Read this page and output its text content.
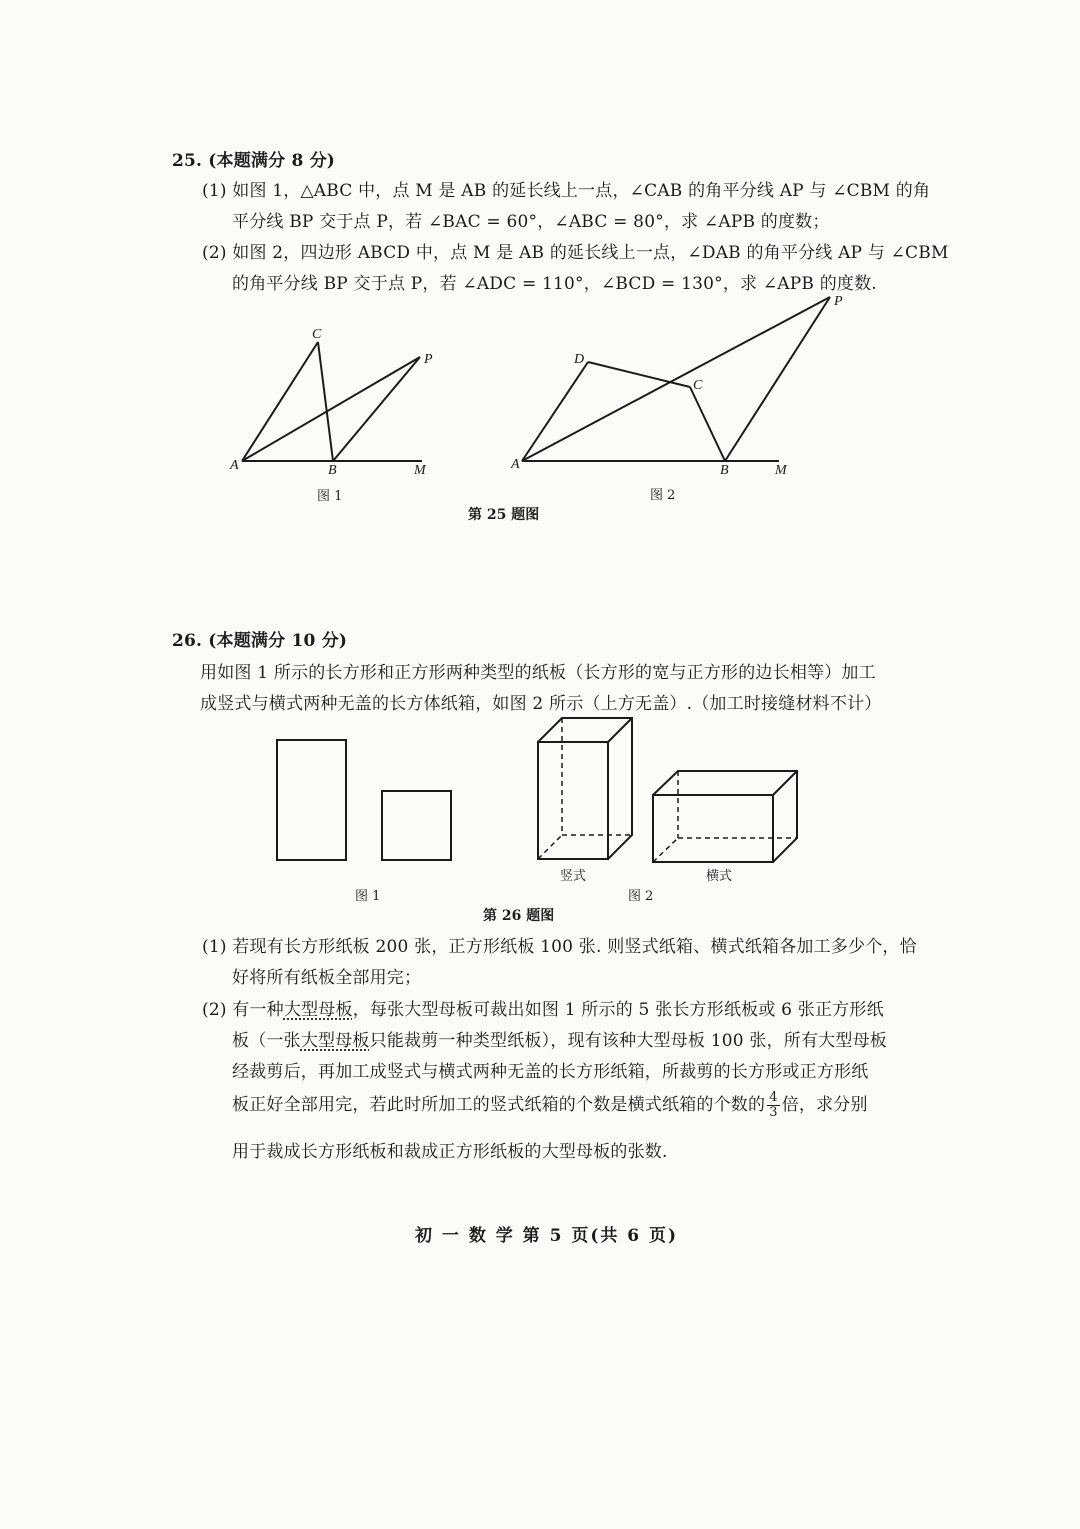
25. (本题满分 8 分)
(1) 如图 1，△ABC 中，点 M 是 AB 的延长线上一点，∠CAB 的角平分线 AP 与 ∠CBM 的角
平分线 BP 交于点 P，若 ∠BAC = 60°，∠ABC = 80°，求 ∠APB 的度数；
(2) 如图 2，四边形 ABCD 中，点 M 是 AB 的延长线上一点，∠DAB 的角平分线 AP 与 ∠CBM
的角平分线 BP 交于点 P，若 ∠ADC = 110°，∠BCD = 130°，求 ∠APB 的度数.
C
P
A	B	M
P
D
C
A	B	M
图 1	图 2
第 25 题图
26. (本题满分 10 分)
用如图 1 所示的长方形和正方形两种类型的纸板（长方形的宽与正方形的边长相等）加工
成竖式与横式两种无盖的长方体纸箱，如图 2 所示（上方无盖）.（加工时接缝材料不计）
竖式	横式
图 1	图 2
第 26 题图
(1) 若现有长方形纸板 200 张，正方形纸板 100 张. 则竖式纸箱、横式纸箱各加工多少个，恰
好将所有纸板全部用完；
(2) 有一种大型母板，每张大型母板可裁出如图 1 所示的 5 张长方形纸板或 6 张正方形纸
板（一张大型母板只能裁剪一种类型纸板），现有该种大型母板 100 张，所有大型母板
经裁剪后，再加工成竖式与横式两种无盖的长方形纸箱，所裁剪的长方形或正方形纸
板正好全部用完，若此时所加工的竖式纸箱的个数是横式纸箱的个数的 $\frac{4}{3}$ 倍，求分别
用于裁成长方形纸板和裁成正方形纸板的大型母板的张数.
初 一 数 学 第 5 页(共 6 页)
